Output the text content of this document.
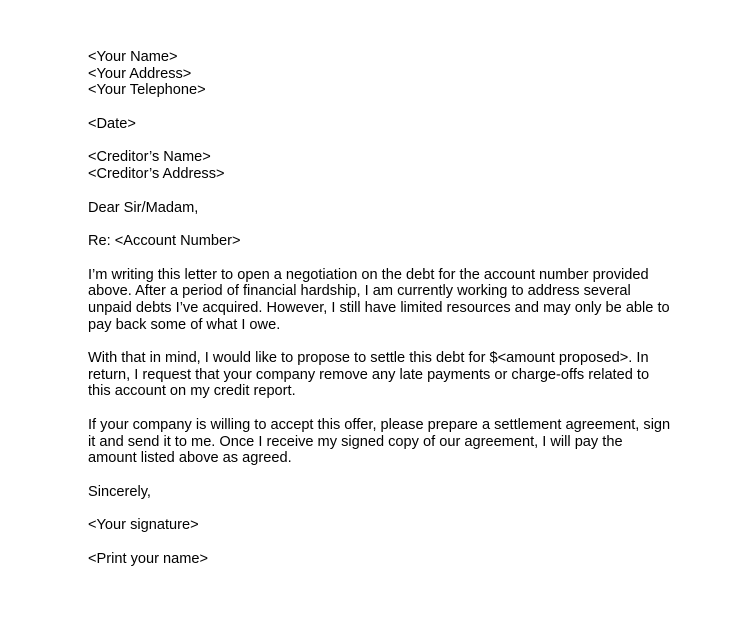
<Your Name>
<Your Address>
<Your Telephone>
<Date>
<Creditor’s Name>
<Creditor’s Address>
Dear Sir/Madam,
Re: <Account Number>
I’m writing this letter to open a negotiation on the debt for the account number provided
above. After a period of financial hardship, I am currently working to address several
unpaid debts I’ve acquired. However, I still have limited resources and may only be able to
pay back some of what I owe.
With that in mind, I would like to propose to settle this debt for $<amount proposed>. In
return, I request that your company remove any late payments or charge-offs related to
this account on my credit report.
If your company is willing to accept this offer, please prepare a settlement agreement, sign
it and send it to me. Once I receive my signed copy of our agreement, I will pay the
amount listed above as agreed.
Sincerely,
<Your signature>
<Print your name>
